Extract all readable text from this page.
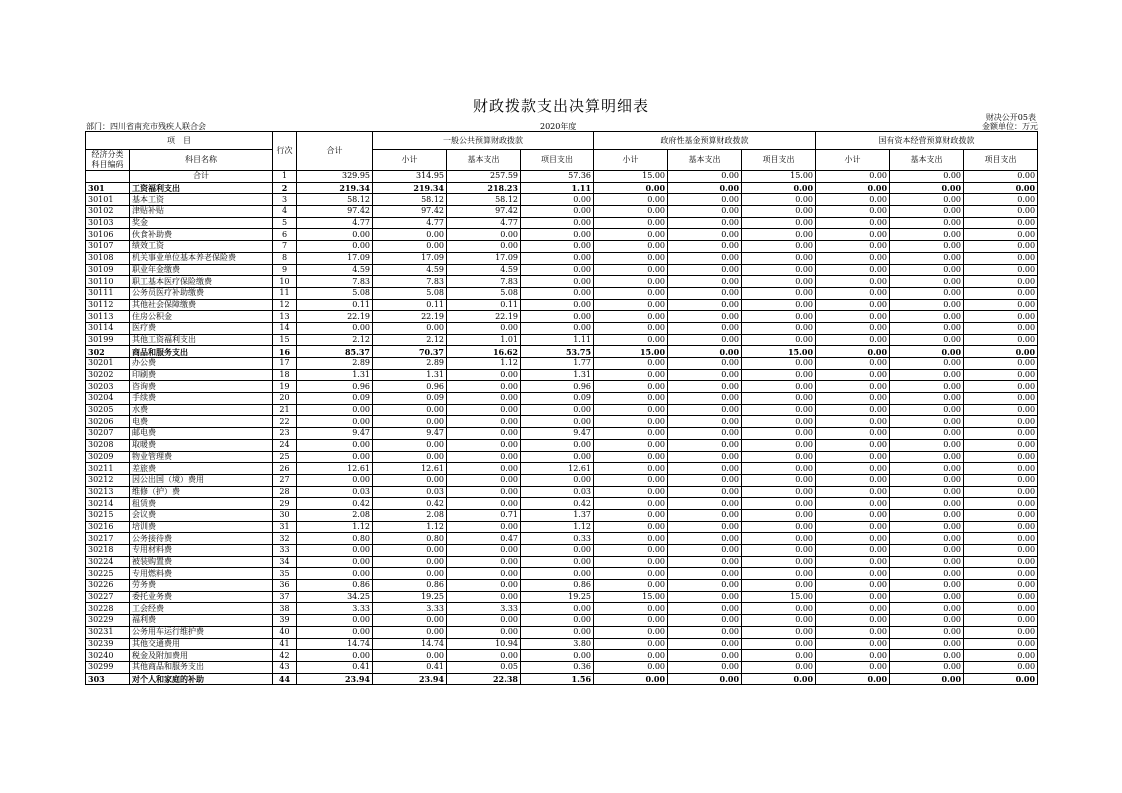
财政拨款支出决算明细表
财决公开05表
部门：四川省南充市残疾人联合会	2020年度	金额单位：万元
项　目		行次	合计	一般公共预算财政拨款			政府性基金预算财政拨款			国有资本经营预算财政拨款		
经济分类科目编码	科目名称			小计	基本支出	项目支出	小计	基本支出	项目支出	小计	基本支出	项目支出
	合计	1	329.95	314.95	257.59	57.36	15.00	0.00	15.00	0.00	0.00	0.00
301	工资福利支出	2	219.34	219.34	218.23	1.11	0.00	0.00	0.00	0.00	0.00	0.00
30101	基本工资	3	58.12	58.12	58.12	0.00	0.00	0.00	0.00	0.00	0.00	0.00
30102	津贴补贴	4	97.42	97.42	97.42	0.00	0.00	0.00	0.00	0.00	0.00	0.00
30103	奖金	5	4.77	4.77	4.77	0.00	0.00	0.00	0.00	0.00	0.00	0.00
30106	伙食补助费	6	0.00	0.00	0.00	0.00	0.00	0.00	0.00	0.00	0.00	0.00
30107	绩效工资	7	0.00	0.00	0.00	0.00	0.00	0.00	0.00	0.00	0.00	0.00
30108	机关事业单位基本养老保险费	8	17.09	17.09	17.09	0.00	0.00	0.00	0.00	0.00	0.00	0.00
30109	职业年金缴费	9	4.59	4.59	4.59	0.00	0.00	0.00	0.00	0.00	0.00	0.00
30110	职工基本医疗保险缴费	10	7.83	7.83	7.83	0.00	0.00	0.00	0.00	0.00	0.00	0.00
30111	公务员医疗补助缴费	11	5.08	5.08	5.08	0.00	0.00	0.00	0.00	0.00	0.00	0.00
30112	其他社会保障缴费	12	0.11	0.11	0.11	0.00	0.00	0.00	0.00	0.00	0.00	0.00
30113	住房公积金	13	22.19	22.19	22.19	0.00	0.00	0.00	0.00	0.00	0.00	0.00
30114	医疗费	14	0.00	0.00	0.00	0.00	0.00	0.00	0.00	0.00	0.00	0.00
30199	其他工资福利支出	15	2.12	2.12	1.01	1.11	0.00	0.00	0.00	0.00	0.00	0.00
302	商品和服务支出	16	85.37	70.37	16.62	53.75	15.00	0.00	15.00	0.00	0.00	0.00
30201	办公费	17	2.89	2.89	1.12	1.77	0.00	0.00	0.00	0.00	0.00	0.00
30202	印刷费	18	1.31	1.31	0.00	1.31	0.00	0.00	0.00	0.00	0.00	0.00
30203	咨询费	19	0.96	0.96	0.00	0.96	0.00	0.00	0.00	0.00	0.00	0.00
30204	手续费	20	0.09	0.09	0.00	0.09	0.00	0.00	0.00	0.00	0.00	0.00
30205	水费	21	0.00	0.00	0.00	0.00	0.00	0.00	0.00	0.00	0.00	0.00
30206	电费	22	0.00	0.00	0.00	0.00	0.00	0.00	0.00	0.00	0.00	0.00
30207	邮电费	23	9.47	9.47	0.00	9.47	0.00	0.00	0.00	0.00	0.00	0.00
30208	取暖费	24	0.00	0.00	0.00	0.00	0.00	0.00	0.00	0.00	0.00	0.00
30209	物业管理费	25	0.00	0.00	0.00	0.00	0.00	0.00	0.00	0.00	0.00	0.00
30211	差旅费	26	12.61	12.61	0.00	12.61	0.00	0.00	0.00	0.00	0.00	0.00
30212	因公出国（境）费用	27	0.00	0.00	0.00	0.00	0.00	0.00	0.00	0.00	0.00	0.00
30213	维修（护）费	28	0.03	0.03	0.00	0.03	0.00	0.00	0.00	0.00	0.00	0.00
30214	租赁费	29	0.42	0.42	0.00	0.42	0.00	0.00	0.00	0.00	0.00	0.00
30215	会议费	30	2.08	2.08	0.71	1.37	0.00	0.00	0.00	0.00	0.00	0.00
30216	培训费	31	1.12	1.12	0.00	1.12	0.00	0.00	0.00	0.00	0.00	0.00
30217	公务接待费	32	0.80	0.80	0.47	0.33	0.00	0.00	0.00	0.00	0.00	0.00
30218	专用材料费	33	0.00	0.00	0.00	0.00	0.00	0.00	0.00	0.00	0.00	0.00
30224	被装购置费	34	0.00	0.00	0.00	0.00	0.00	0.00	0.00	0.00	0.00	0.00
30225	专用燃料费	35	0.00	0.00	0.00	0.00	0.00	0.00	0.00	0.00	0.00	0.00
30226	劳务费	36	0.86	0.86	0.00	0.86	0.00	0.00	0.00	0.00	0.00	0.00
30227	委托业务费	37	34.25	19.25	0.00	19.25	15.00	0.00	15.00	0.00	0.00	0.00
30228	工会经费	38	3.33	3.33	3.33	0.00	0.00	0.00	0.00	0.00	0.00	0.00
30229	福利费	39	0.00	0.00	0.00	0.00	0.00	0.00	0.00	0.00	0.00	0.00
30231	公务用车运行维护费	40	0.00	0.00	0.00	0.00	0.00	0.00	0.00	0.00	0.00	0.00
30239	其他交通费用	41	14.74	14.74	10.94	3.80	0.00	0.00	0.00	0.00	0.00	0.00
30240	税金及附加费用	42	0.00	0.00	0.00	0.00	0.00	0.00	0.00	0.00	0.00	0.00
30299	其他商品和服务支出	43	0.41	0.41	0.05	0.36	0.00	0.00	0.00	0.00	0.00	0.00
303	对个人和家庭的补助	44	23.94	23.94	22.38	1.56	0.00	0.00	0.00	0.00	0.00	0.00
